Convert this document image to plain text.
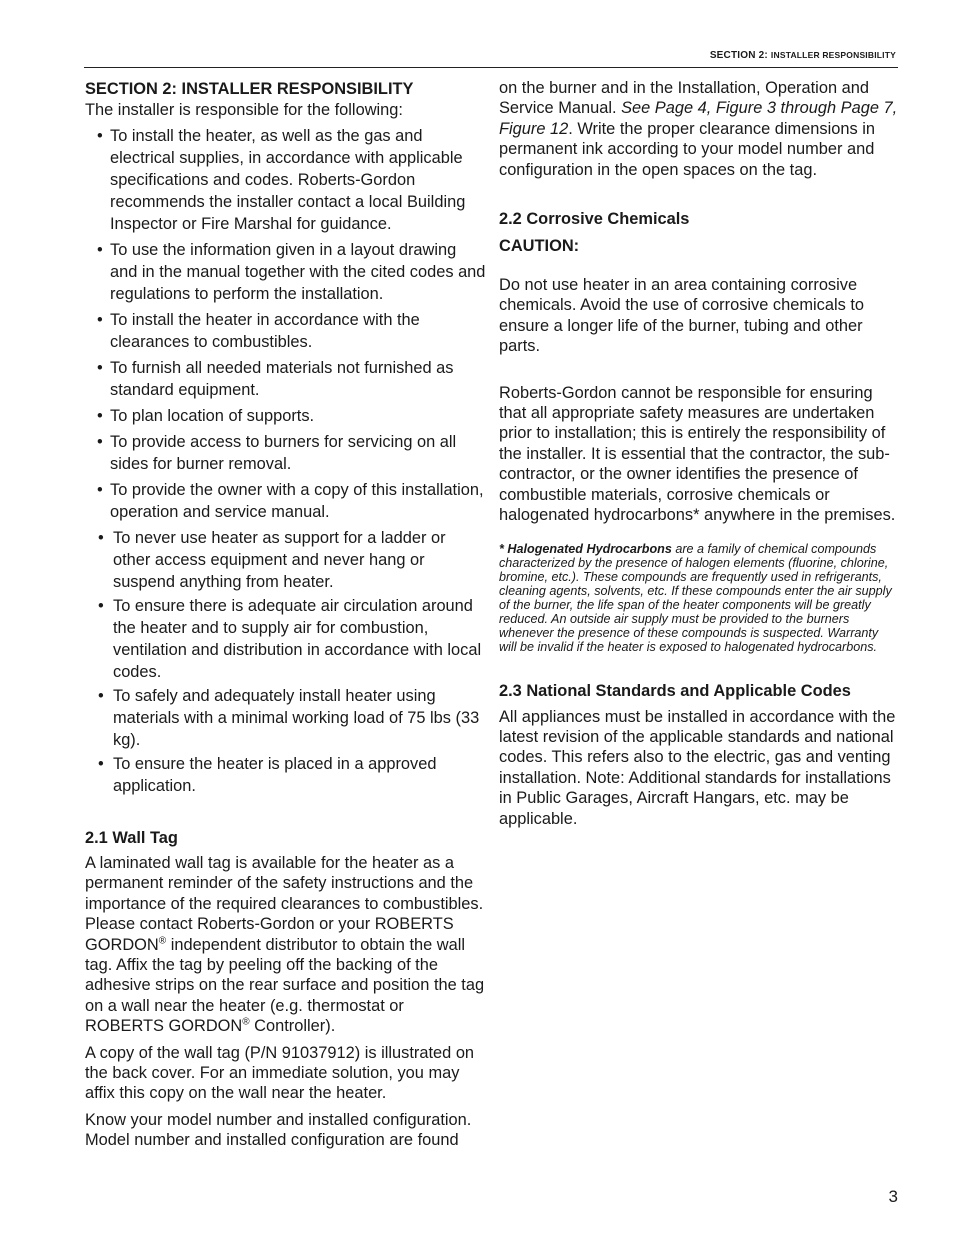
SECTION 2: INSTALLER RESPONSIBILITY
SECTION 2: INSTALLER RESPONSIBILITY

The installer is responsible for the following:

• To install the heater, as well as the gas and electrical supplies, in accordance with applicable specifications and codes. Roberts-Gordon recommends the installer contact a local Building Inspector or Fire Marshal for guidance.
• To use the information given in a layout drawing and in the manual together with the cited codes and regulations to perform the installation.
• To install the heater in accordance with the clearances to combustibles.
• To furnish all needed materials not furnished as standard equipment.
• To plan location of supports.
• To provide access to burners for servicing on all sides for burner removal.
• To provide the owner with a copy of this installation, operation and service manual.
• To never use heater as support for a ladder or other access equipment and never hang or suspend anything from heater.
• To ensure there is adequate air circulation around the heater and to supply air for combustion, ventilation and distribution in accordance with local codes.
• To safely and adequately install heater using materials with a minimal working load of 75 lbs (33 kg).
• To ensure the heater is placed in a approved application.
2.1 Wall Tag

A laminated wall tag is available for the heater as a permanent reminder of the safety instructions and the importance of the required clearances to combustibles. Please contact Roberts-Gordon or your ROBERTS GORDON® independent distributor to obtain the wall tag. Affix the tag by peeling off the backing of the adhesive strips on the rear surface and position the tag on a wall near the heater (e.g. thermostat or ROBERTS GORDON® Controller).

A copy of the wall tag (P/N 91037912) is illustrated on the back cover. For an immediate solution, you may affix this copy on the wall near the heater.

Know your model number and installed configuration. Model number and installed configuration are found

on the burner and in the Installation, Operation and Service Manual. See Page 4, Figure 3 through Page 7, Figure 12. Write the proper clearance dimensions in permanent ink according to your model number and configuration in the open spaces on the tag.

2.2 Corrosive Chemicals
CAUTION:

Do not use heater in an area containing corrosive chemicals. Avoid the use of corrosive chemicals to ensure a longer life of the burner, tubing and other parts.

Roberts-Gordon cannot be responsible for ensuring that all appropriate safety measures are undertaken prior to installation; this is entirely the responsibility of the installer. It is essential that the contractor, the sub-contractor, or the owner identifies the presence of combustible materials, corrosive chemicals or halogenated hydrocarbons* anywhere in the premises.

* Halogenated Hydrocarbons are a family of chemical compounds characterized by the presence of halogen elements (fluorine, chlorine, bromine, etc.). These compounds are frequently used in refrigerants, cleaning agents, solvents, etc. If these compounds enter the air supply of the burner, the life span of the heater components will be greatly reduced. An outside air supply must be provided to the burners whenever the presence of these compounds is suspected. Warranty will be invalid if the heater is exposed to halogenated hydrocarbons.

2.3 National Standards and Applicable Codes

All appliances must be installed in accordance with the latest revision of the applicable standards and national codes. This refers also to the electric, gas and venting installation. Note: Additional standards for installations in Public Garages, Aircraft Hangars, etc. may be applicable.

3
